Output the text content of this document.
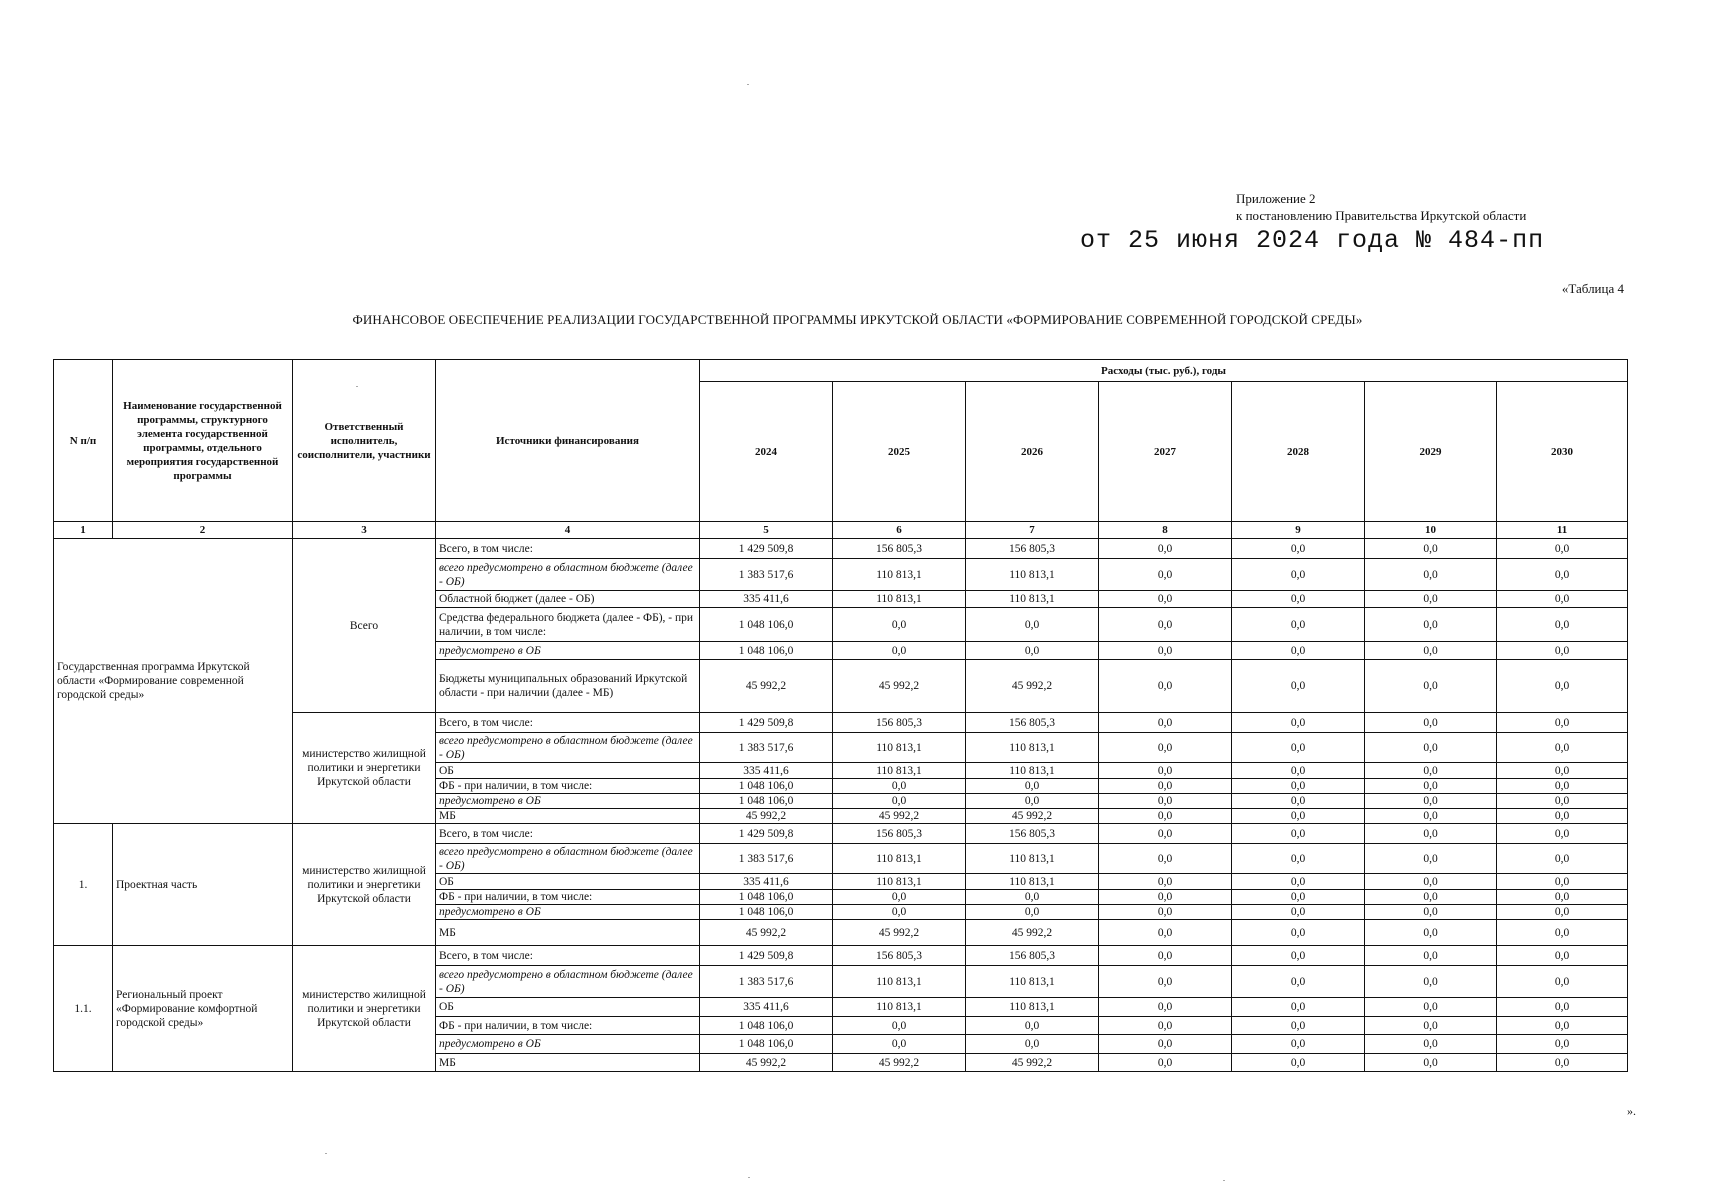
Приложение 2
к постановлению Правительства Иркутской области
от 25 июня 2024 года № 484-пп
«Таблица 4
ФИНАНСОВОЕ ОБЕСПЕЧЕНИЕ РЕАЛИЗАЦИИ ГОСУДАРСТВЕННОЙ ПРОГРАММЫ ИРКУТСКОЙ ОБЛАСТИ «ФОРМИРОВАНИЕ СОВРЕМЕННОЙ ГОРОДСКОЙ СРЕДЫ»
N п/п	Наименование государственной программы, структурного элемента государственной программы, отдельного мероприятия государственной программы	Ответственный исполнитель, соисполнители, участники	Источники финансирования	Расходы (тыс. руб.), годы						
				2024	2025	2026	2027	2028	2029	2030
1	2	3	4	5	6	7	8	9	10	11
Государственная программа Иркутской области «Формирование современной городской среды»		Всего	Всего, в том числе:	1 429 509,8	156 805,3	156 805,3	0,0	0,0	0,0	0,0
			всего предусмотрено в областном бюджете (далее - ОБ)	1 383 517,6	110 813,1	110 813,1	0,0	0,0	0,0	0,0
			Областной бюджет (далее - ОБ)	335 411,6	110 813,1	110 813,1	0,0	0,0	0,0	0,0
			Средства федерального бюджета (далее - ФБ), - при наличии, в том числе:	1 048 106,0	0,0	0,0	0,0	0,0	0,0	0,0
			предусмотрено в ОБ	1 048 106,0	0,0	0,0	0,0	0,0	0,0	0,0
			Бюджеты муниципальных образований Иркутской области - при наличии (далее - МБ)	45 992,2	45 992,2	45 992,2	0,0	0,0	0,0	0,0
		министерство жилищной политики и энергетики Иркутской области	Всего, в том числе:	1 429 509,8	156 805,3	156 805,3	0,0	0,0	0,0	0,0
			всего предусмотрено в областном бюджете (далее - ОБ)	1 383 517,6	110 813,1	110 813,1	0,0	0,0	0,0	0,0
			ОБ	335 411,6	110 813,1	110 813,1	0,0	0,0	0,0	0,0
			ФБ - при наличии, в том числе:	1 048 106,0	0,0	0,0	0,0	0,0	0,0	0,0
			предусмотрено в ОБ	1 048 106,0	0,0	0,0	0,0	0,0	0,0	0,0
			МБ	45 992,2	45 992,2	45 992,2	0,0	0,0	0,0	0,0
1.	Проектная часть	министерство жилищной политики и энергетики Иркутской области	Всего, в том числе:	1 429 509,8	156 805,3	156 805,3	0,0	0,0	0,0	0,0
			всего предусмотрено в областном бюджете (далее - ОБ)	1 383 517,6	110 813,1	110 813,1	0,0	0,0	0,0	0,0
			ОБ	335 411,6	110 813,1	110 813,1	0,0	0,0	0,0	0,0
			ФБ - при наличии, в том числе:	1 048 106,0	0,0	0,0	0,0	0,0	0,0	0,0
			предусмотрено в ОБ	1 048 106,0	0,0	0,0	0,0	0,0	0,0	0,0
			МБ	45 992,2	45 992,2	45 992,2	0,0	0,0	0,0	0,0
1.1.	Региональный проект «Формирование комфортной городской среды»	министерство жилищной политики и энергетики Иркутской области	Всего, в том числе:	1 429 509,8	156 805,3	156 805,3	0,0	0,0	0,0	0,0
			всего предусмотрено в областном бюджете (далее - ОБ)	1 383 517,6	110 813,1	110 813,1	0,0	0,0	0,0	0,0
			ОБ	335 411,6	110 813,1	110 813,1	0,0	0,0	0,0	0,0
			ФБ - при наличии, в том числе:	1 048 106,0	0,0	0,0	0,0	0,0	0,0	0,0
			предусмотрено в ОБ	1 048 106,0	0,0	0,0	0,0	0,0	0,0	0,0
			МБ	45 992,2	45 992,2	45 992,2	0,0	0,0	0,0	0,0
».
